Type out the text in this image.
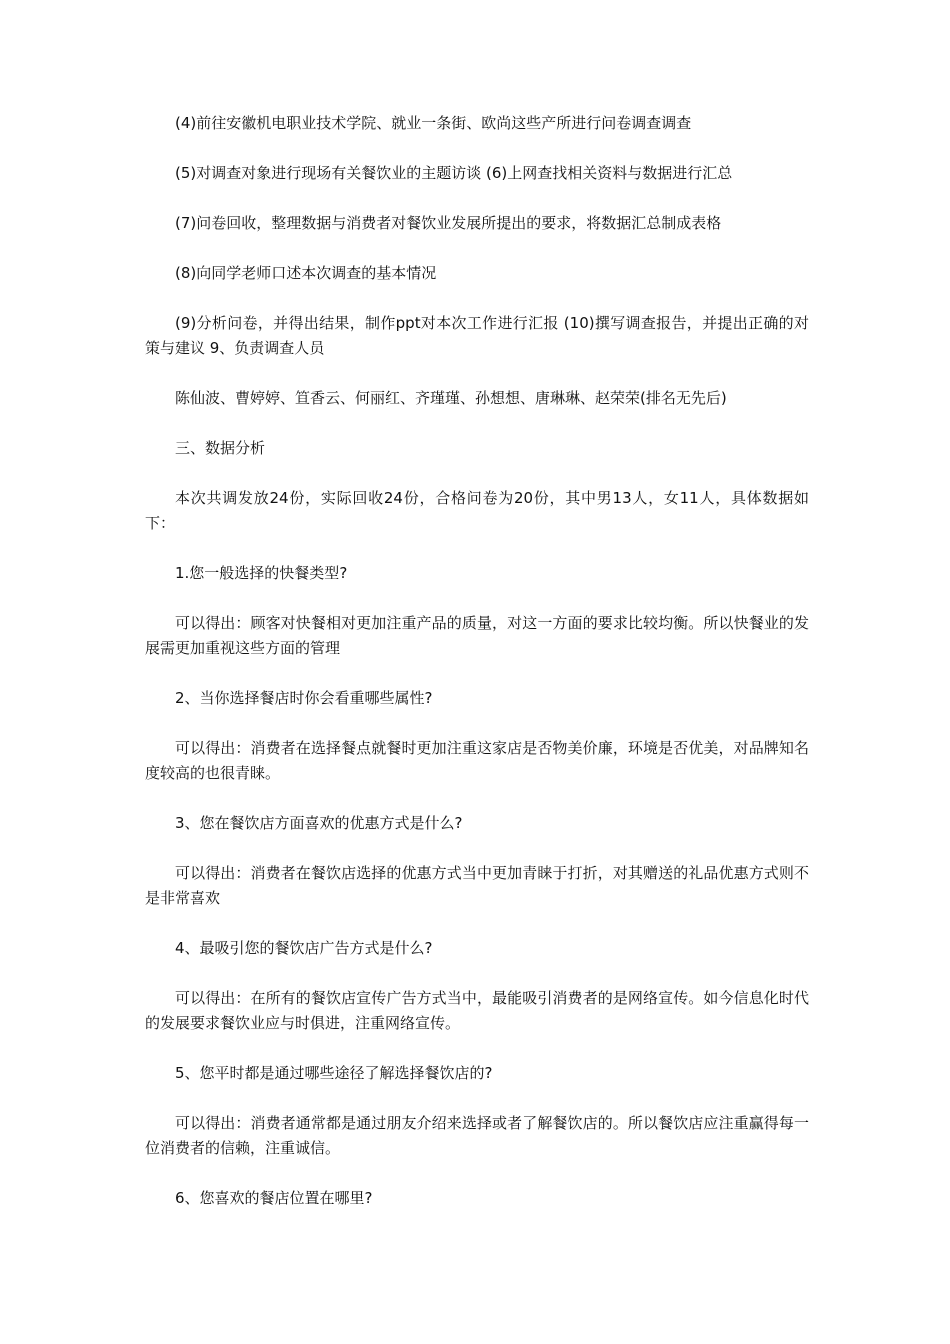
(4)前往安徽机电职业技术学院、就业一条街、欧尚这些产所进行问卷调查调查

(5)对调查对象进行现场有关餐饮业的主题访谈 (6)上网查找相关资料与数据进行汇总

(7)问卷回收，整理数据与消费者对餐饮业发展所提出的要求，将数据汇总制成表格

(8)向同学老师口述本次调查的基本情况

(9)分析问卷，并得出结果，制作ppt对本次工作进行汇报 (10)撰写调查报告，并提出正确的对策与建议 9、负责调查人员

陈仙波、曹婷婷、笪香云、何丽红、齐瑾瑾、孙想想、唐琳琳、赵荣荣(排名无先后)

三、数据分析

本次共调发放24份，实际回收24份，合格问卷为20份，其中男13人，女11人，具体数据如下：

1.您一般选择的快餐类型?

可以得出：顾客对快餐相对更加注重产品的质量，对这一方面的要求比较均衡。所以快餐业的发展需更加重视这些方面的管理

2、当你选择餐店时你会看重哪些属性?

可以得出：消费者在选择餐点就餐时更加注重这家店是否物美价廉，环境是否优美，对品牌知名度较高的也很青睐。

3、您在餐饮店方面喜欢的优惠方式是什么?

可以得出：消费者在餐饮店选择的优惠方式当中更加青睐于打折，对其赠送的礼品优惠方式则不是非常喜欢

4、最吸引您的餐饮店广告方式是什么?

可以得出：在所有的餐饮店宣传广告方式当中，最能吸引消费者的是网络宣传。如今信息化时代的发展要求餐饮业应与时俱进，注重网络宣传。

5、您平时都是通过哪些途径了解选择餐饮店的?

可以得出：消费者通常都是通过朋友介绍来选择或者了解餐饮店的。所以餐饮店应注重赢得每一位消费者的信赖，注重诚信。

6、您喜欢的餐店位置在哪里?
